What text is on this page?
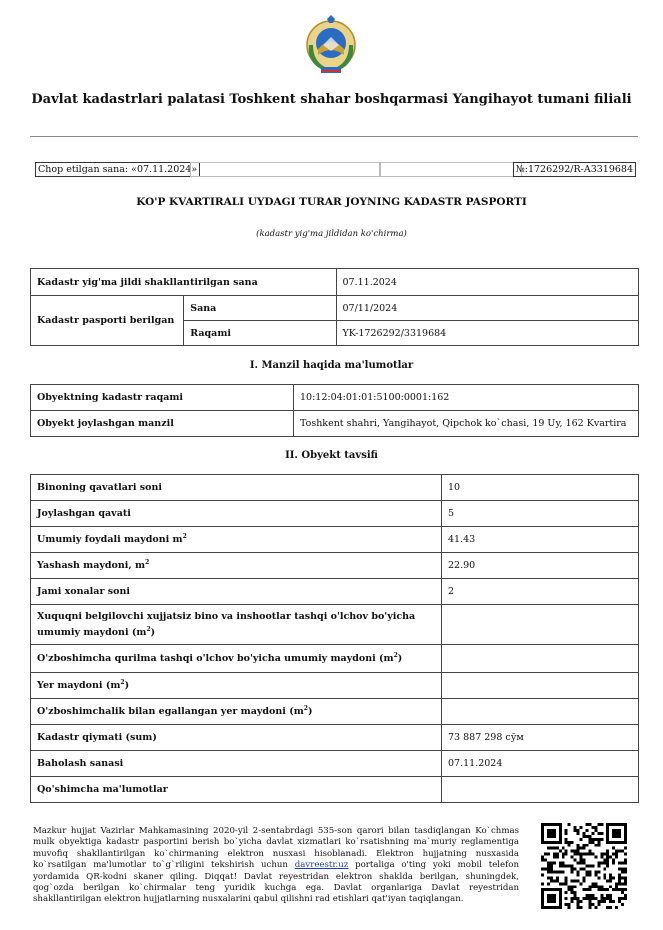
Davlat kadastrlari palatasi Toshkent shahar boshqarmasi Yangihayot tumani filiali
Chop etilgan sana: «07.11.2024»	№:1726292/R-A3319684
KO'P KVARTIRALI UYDAGI TURAR JOYNING KADASTR PASPORTI
(kadastr yig'ma jildidan ko'chirma)
Kadastr yig'ma jildi shakllantirilgan sana		07.11.2024
Kadastr pasporti berilgan	Sana	07/11/2024
	Raqami	YK-1726292/3319684
I. Manzil haqida ma'lumotlar
Obyektning kadastr raqami	10:12:04:01:01:5100:0001:162
Obyekt joylashgan manzil	Toshkent shahri, Yangihayot, Qipchok ko`chasi, 19 Uy, 162 Kvartira
II. Obyekt tavsifi
Binoning qavatlari soni	10
Joylashgan qavati	5
Umumiy foydali maydoni $m^2$	41.43
Yashash maydoni, $m^2$	22.90
Jami xonalar soni	2
Xuquqni belgilovchi xujjatsiz bino va inshootlar tashqi o'lchov bo'yicha umumiy maydoni $(m^2)$	
O'zboshimcha qurilma tashqi o'lchov bo'yicha umumiy maydoni $(m^2)$	
Yer maydoni $(m^2)$	
O'zboshimchalik bilan egallangan yer maydoni $(m^2)$	
Kadastr qiymati (sum)	73 887 298 сўм
Baholash sanasi	07.11.2024
Qo'shimcha ma'lumotlar	
Mazkur hujjat Vazirlar Mahkamasining 2020-yil 2-sentabrdagi 535-son qarori bilan tasdiqlangan Ko`chmas mulk obyektiga kadastr pasportini berish bo`yicha davlat xizmatlari ko`rsatishning ma`muriy reglamentiga muvofiq shakllantirilgan ko`chirmaning elektron nusxasi hisoblanadi. Elektron hujjatning nusxasida ko`rsatilgan ma'lumotlar to`g`riligini tekshirish uchun davreestr.uz portaliga o'ting yoki mobil telefon yordamida QR-kodni skaner qiling. Diqqat! Davlat reyestridan elektron shaklda berilgan, shuningdek, qog`ozda berilgan ko`chirmalar teng yuridik kuchga ega. Davlat organlariga Davlat reyestridan shakllantirilgan elektron hujjatlarning nusxalarini qabul qilishni rad etishlari qat'iyan taqiqlangan.
